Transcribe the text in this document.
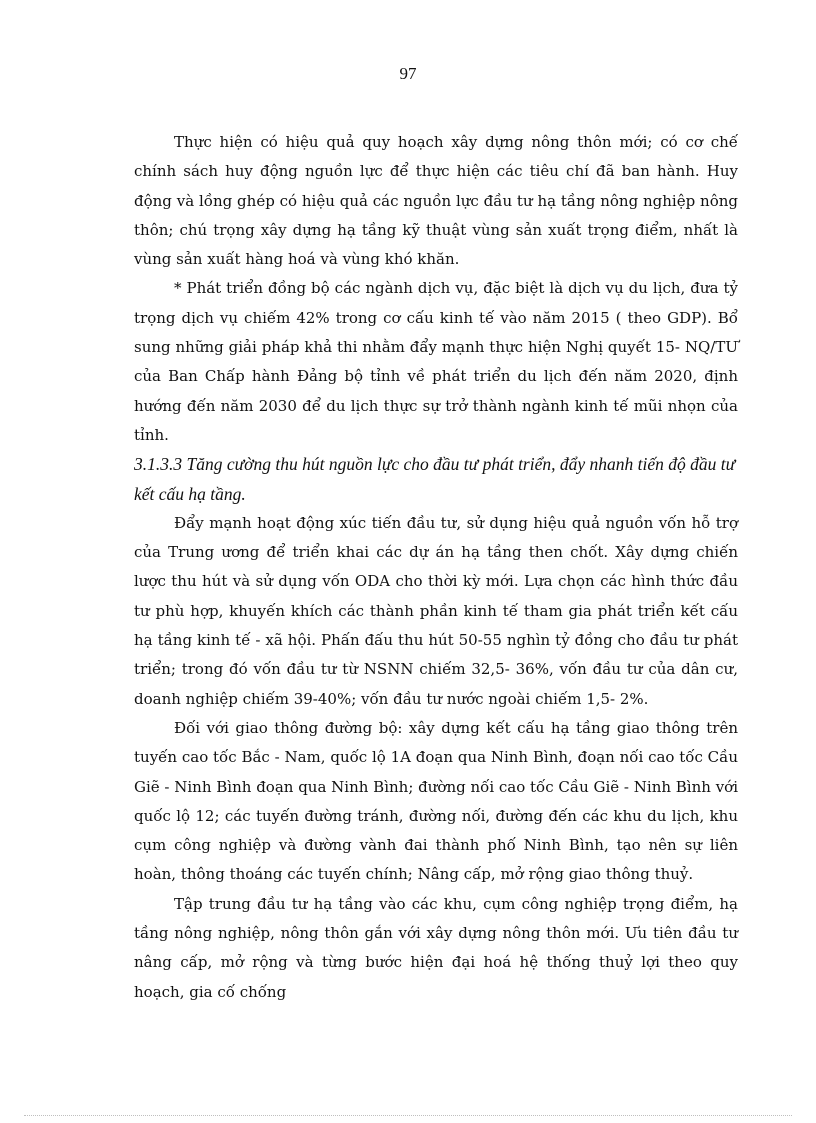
97

Thực hiện có hiệu quả quy hoạch xây dựng nông thôn mới; có cơ chế chính sách huy động nguồn lực để thực hiện các tiêu chí đã ban hành. Huy động và lồng ghép có hiệu quả các nguồn lực đầu tư hạ tầng nông nghiệp nông thôn; chú trọng xây dựng hạ tầng kỹ thuật vùng sản xuất trọng điểm, nhất là vùng sản xuất hàng hoá và vùng khó khăn.

* Phát triển đồng bộ các ngành dịch vụ, đặc biệt là dịch vụ du lịch, đưa tỷ trọng dịch vụ chiếm 42% trong cơ cấu kinh tế vào năm 2015 ( theo GDP). Bổ sung những giải pháp khả thi nhằm đẩy mạnh thực hiện Nghị quyết 15- NQ/TƯ của Ban Chấp hành Đảng bộ tỉnh về phát triển du lịch đến năm 2020, định hướng đến năm 2030 để du lịch thực sự trở thành ngành kinh tế mũi nhọn của tỉnh.

3.1.3.3 Tăng cường thu hút nguồn lực cho đầu tư phát triển, đẩy nhanh tiến độ đầu tư kết cấu hạ tầng.

Đẩy mạnh hoạt động xúc tiến đầu tư, sử dụng hiệu quả nguồn vốn hỗ trợ của Trung ương để triển khai các dự án hạ tầng then chốt. Xây dựng chiến lược thu hút và sử dụng vốn ODA cho thời kỳ mới. Lựa chọn các hình thức đầu tư phù hợp, khuyến khích các thành phần kinh tế tham gia phát triển kết cấu hạ tầng kinh tế - xã hội. Phấn đấu thu hút 50-55 nghìn tỷ đồng cho đầu tư phát triển; trong đó vốn đầu tư từ NSNN chiếm 32,5- 36%, vốn đầu tư của dân cư, doanh nghiệp chiếm 39-40%; vốn đầu tư nước ngoài chiếm 1,5- 2%.

Đối với giao thông đường bộ: xây dựng kết cấu hạ tầng giao thông trên tuyến cao tốc Bắc - Nam, quốc lộ 1A đoạn qua Ninh Bình, đoạn nối cao tốc Cầu Giẽ - Ninh Bình đoạn qua Ninh Bình; đường nối cao tốc Cầu Giẽ - Ninh Bình với quốc lộ 12; các tuyến đường tránh, đường nối, đường đến các khu du lịch, khu cụm công nghiệp và đường vành đai thành phố Ninh Bình, tạo nên sự liên hoàn, thông thoáng các tuyến chính; Nâng cấp, mở rộng giao thông thuỷ.

Tập trung đầu tư hạ tầng vào các khu, cụm công nghiệp trọng điểm, hạ tầng nông nghiệp, nông thôn gắn với xây dựng nông thôn mới. Ưu tiên đầu tư nâng cấp, mở rộng và từng bước hiện đại hoá hệ thống thuỷ lợi theo quy hoạch, gia cố chống
